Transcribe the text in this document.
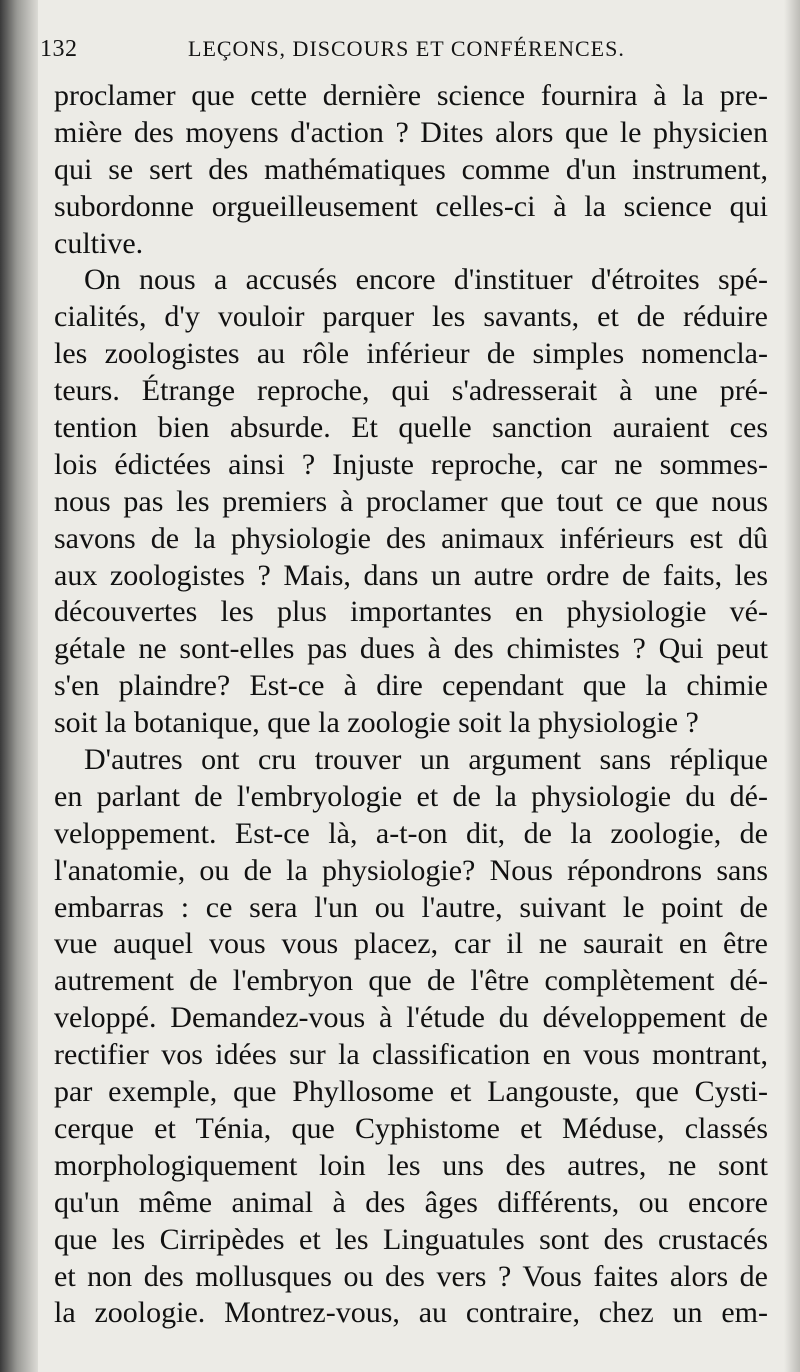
132	LEÇONS, DISCOURS ET CONFÉRENCES.
proclamer que cette dernière science fournira à la pre-
mière des moyens d'action ? Dites alors que le physicien
qui se sert des mathématiques comme d'un instrument,
subordonne orgueilleusement celles-ci à la science qui
cultive.
On nous a accusés encore d'instituer d'étroites spé-
cialités, d'y vouloir parquer les savants, et de réduire
les zoologistes au rôle inférieur de simples nomencla-
teurs. Étrange reproche, qui s'adresserait à une pré-
tention bien absurde. Et quelle sanction auraient ces
lois édictées ainsi ? Injuste reproche, car ne sommes-
nous pas les premiers à proclamer que tout ce que nous
savons de la physiologie des animaux inférieurs est dû
aux zoologistes ? Mais, dans un autre ordre de faits, les
découvertes les plus importantes en physiologie vé-
gétale ne sont-elles pas dues à des chimistes ? Qui peut
s'en plaindre? Est-ce à dire cependant que la chimie
soit la botanique, que la zoologie soit la physiologie ?
D'autres ont cru trouver un argument sans réplique
en parlant de l'embryologie et de la physiologie du dé-
veloppement. Est-ce là, a-t-on dit, de la zoologie, de
l'anatomie, ou de la physiologie? Nous répondrons sans
embarras : ce sera l'un ou l'autre, suivant le point de
vue auquel vous vous placez, car il ne saurait en être
autrement de l'embryon que de l'être complètement dé-
veloppé. Demandez-vous à l'étude du développement de
rectifier vos idées sur la classification en vous montrant,
par exemple, que Phyllosome et Langouste, que Cysti-
cerque et Ténia, que Cyphistome et Méduse, classés
morphologiquement loin les uns des autres, ne sont
qu'un même animal à des âges différents, ou encore
que les Cirripèdes et les Linguatules sont des crustacés
et non des mollusques ou des vers ? Vous faites alors de
la zoologie. Montrez-vous, au contraire, chez un em-
